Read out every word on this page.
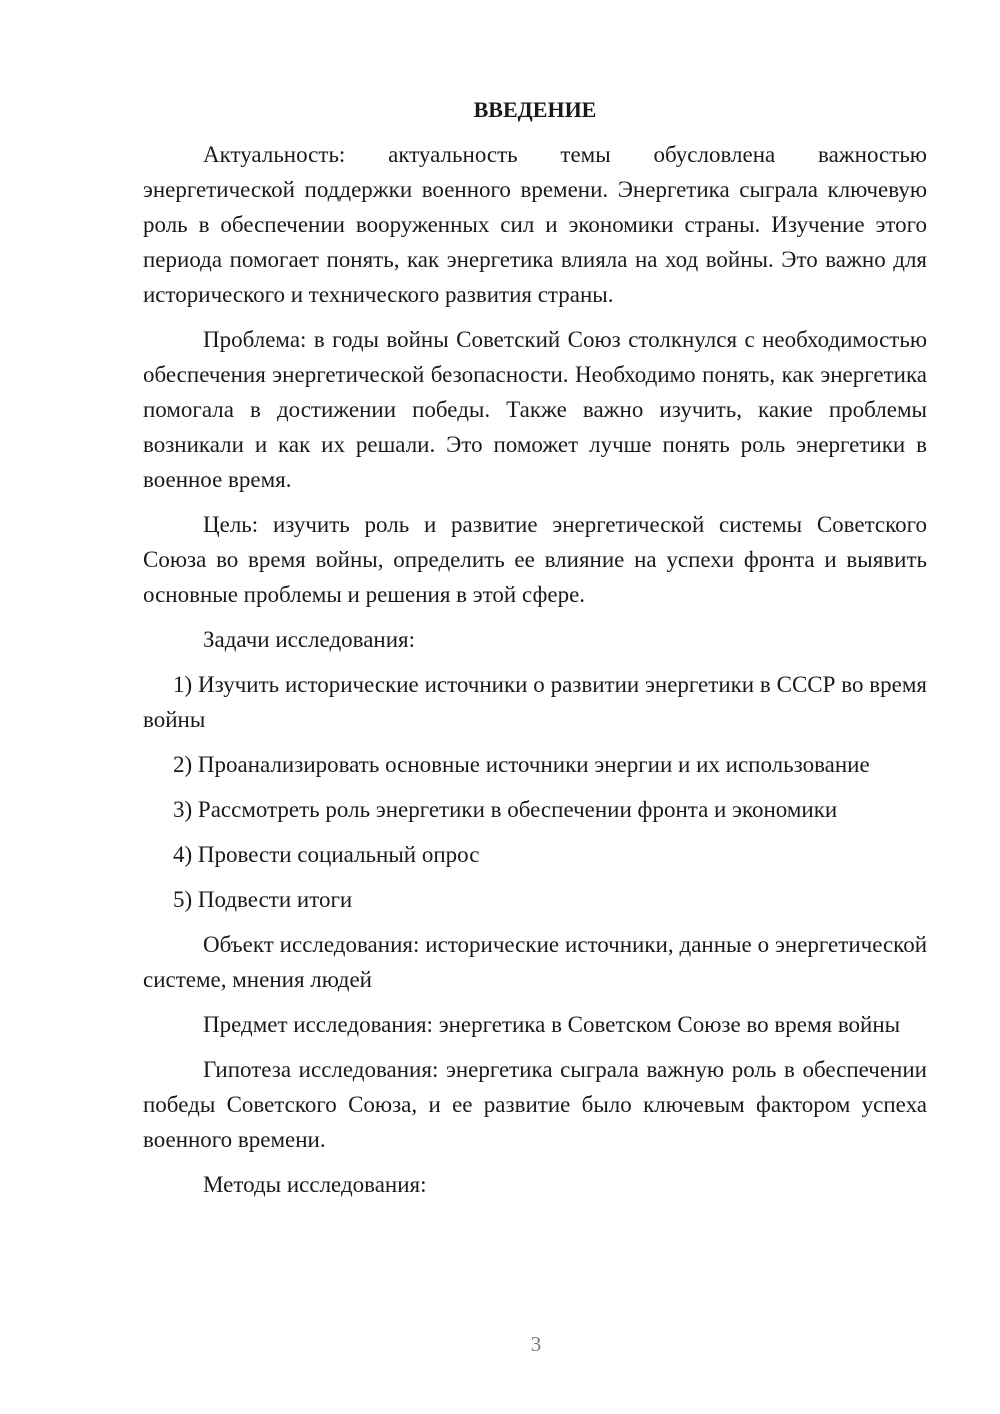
ВВЕДЕНИЕ

Актуальность: актуальность темы обусловлена важностью энергетической поддержки военного времени. Энергетика сыграла ключевую роль в обеспечении вооруженных сил и экономики страны. Изучение этого периода помогает понять, как энергетика влияла на ход войны. Это важно для исторического и технического развития страны.

Проблема: в годы войны Советский Союз столкнулся с необходимостью обеспечения энергетической безопасности. Необходимо понять, как энергетика помогала в достижении победы. Также важно изучить, какие проблемы возникали и как их решали. Это поможет лучше понять роль энергетики в военное время.

Цель: изучить роль и развитие энергетической системы Советского Союза во время войны, определить ее влияние на успехи фронта и выявить основные проблемы и решения в этой сфере.

Задачи исследования:

1) Изучить исторические источники о развитии энергетики в СССР во время войны

2) Проанализировать основные источники энергии и их использование

3) Рассмотреть роль энергетики в обеспечении фронта и экономики

4) Провести социальный опрос

5) Подвести итоги

Объект исследования: исторические источники, данные о энергетической системе, мнения людей

Предмет исследования: энергетика в Советском Союзе во время войны

Гипотеза исследования: энергетика сыграла важную роль в обеспечении победы Советского Союза, и ее развитие было ключевым фактором успеха военного времени.

Методы исследования:

3
